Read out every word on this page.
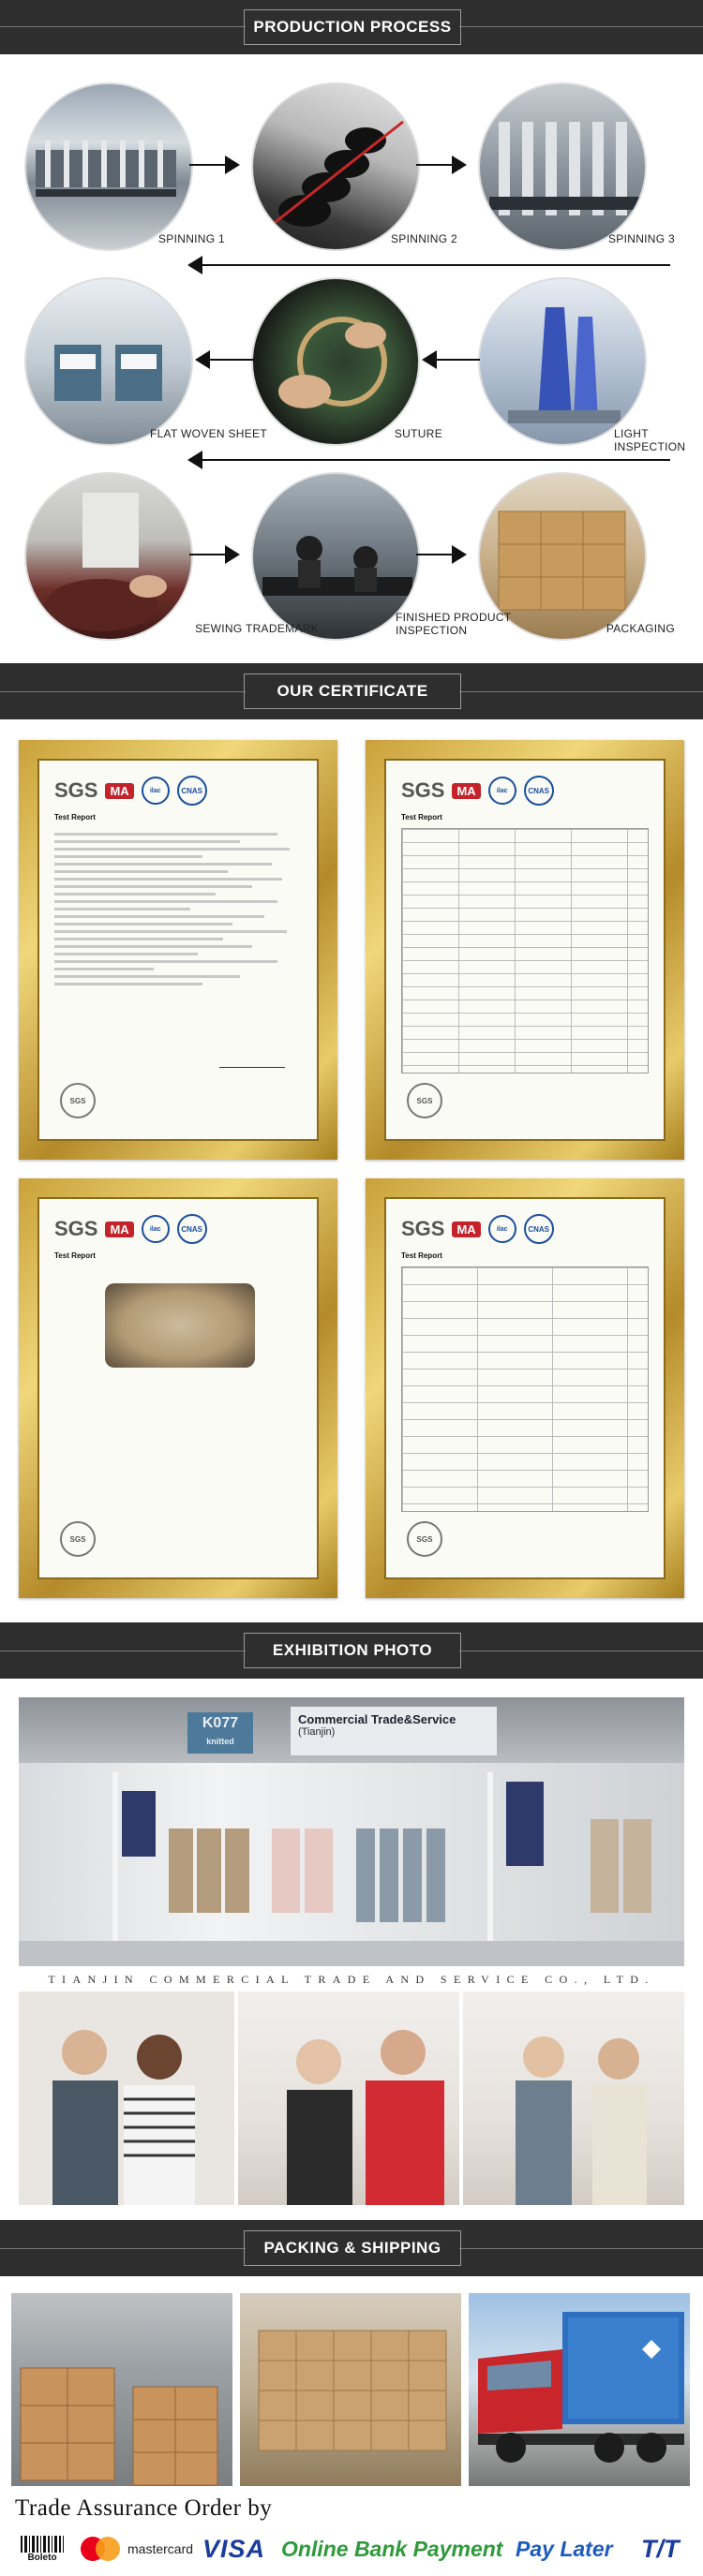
PRODUCTION PROCESS
SPINNING 1	SPINNING 2	SPINNING 3
FLAT WOVEN SHEET	SUTURE	LIGHT
INSPECTION
SEWING TRADEMARK
FINISHED PRODUCT
INSPECTION	PACKAGING
OUR CERTIFICATE
SGS	MA	ilac	CNAS
Test Report
SGS
SGS	MA	ilac	CNAS
Test Report
SGS
SGS	MA	ilac	CNAS
Test Report
SGS
SGS	MA	ilac	CNAS
Test Report
SGS
EXHIBITION PHOTO
K077
knitted
Commercial Trade&Service
(Tianjin)
TIANJIN COMMERCIAL TRADE AND SERVICE CO., LTD.
PACKING & SHIPPING
Trade Assurance Order by
Boleto
mastercard VISA Online Bank Payment Pay Later T/T
